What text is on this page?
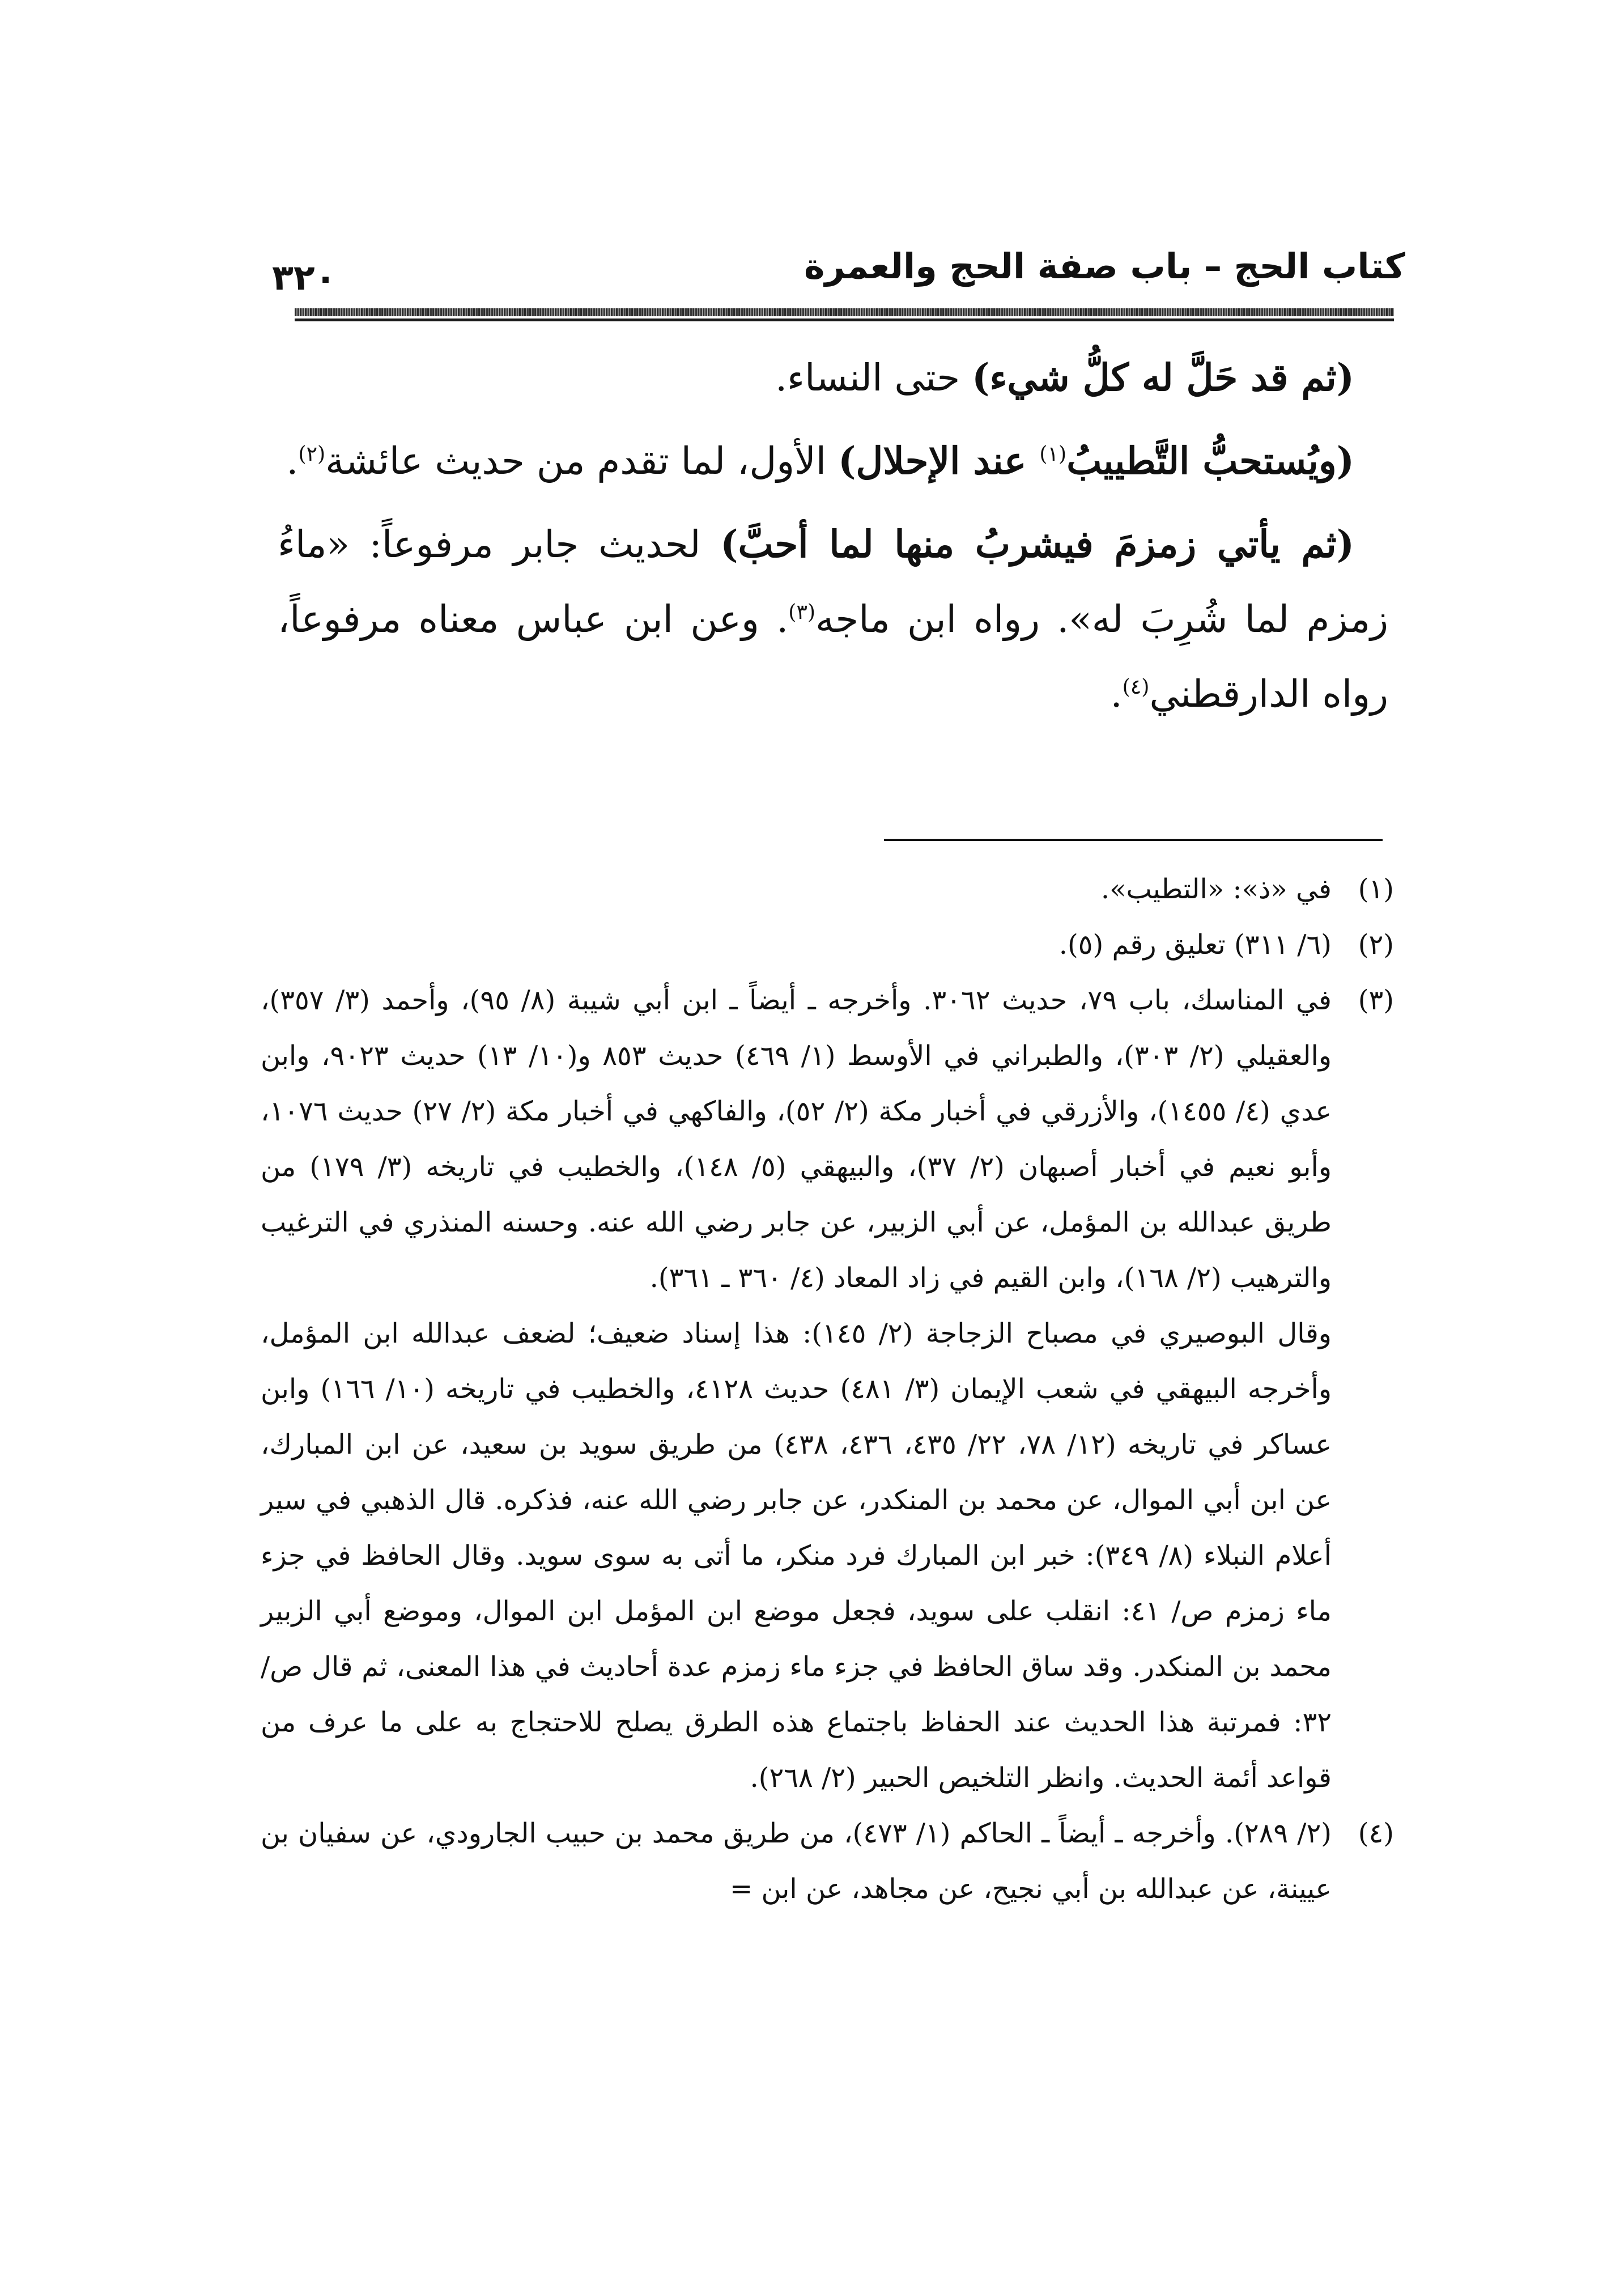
كتاب الحج – باب صفة الحج والعمرة
٣٢٠

(ثم قد حَلَّ له كلُّ شيء) حتى النساء.

(ويُستحبُّ التَّطييبُ$^{(١)}$ عند الإحلال) الأول، لما تقدم من حديث عائشة$^{(٢)}$.

(ثم يأتي زمزمَ فيشربُ منها لما أحبَّ) لحديث جابر مرفوعاً: «ماءُ زمزم لما شُرِبَ له». رواه ابن ماجه$^{(٣)}$. وعن ابن عباس معناه مرفوعاً، رواه الدارقطني$^{(٤)}$.

(١)
في «ذ»: «التطيب».
(٢)
(٦/ ٣١١) تعليق رقم (٥).
(٣)
في المناسك، باب ٧٩، حديث ٣٠٦٢. وأخرجه ـ أيضاً ـ ابن أبي شيبة (٨/ ٩٥)، وأحمد (٣/ ٣٥٧)، والعقيلي (٢/ ٣٠٣)، والطبراني في الأوسط (١/ ٤٦٩) حديث ٨٥٣ و(١٠/ ١٣) حديث ٩٠٢٣، وابن عدي (٤/ ١٤٥٥)، والأزرقي في أخبار مكة (٢/ ٥٢)، والفاكهي في أخبار مكة (٢/ ٢٧) حديث ١٠٧٦، وأبو نعيم في أخبار أصبهان (٢/ ٣٧)، والبيهقي (٥/ ١٤٨)، والخطيب في تاريخه (٣/ ١٧٩) من طريق عبدالله بن المؤمل، عن أبي الزبير، عن جابر رضي الله عنه. وحسنه المنذري في الترغيب والترهيب (٢/ ١٦٨)، وابن القيم في زاد المعاد (٤/ ٣٦٠ ـ ٣٦١).
وقال البوصيري في مصباح الزجاجة (٢/ ١٤٥): هذا إسناد ضعيف؛ لضعف عبدالله ابن المؤمل، وأخرجه البيهقي في شعب الإيمان (٣/ ٤٨١) حديث ٤١٢٨، والخطيب في تاريخه (١٠/ ١٦٦) وابن عساكر في تاريخه (١٢/ ٧٨، ٢٢/ ٤٣٥، ٤٣٦، ٤٣٨) من طريق سويد بن سعيد، عن ابن المبارك، عن ابن أبي الموال، عن محمد بن المنكدر، عن جابر رضي الله عنه، فذكره. قال الذهبي في سير أعلام النبلاء (٨/ ٣٤٩): خبر ابن المبارك فرد منكر، ما أتى به سوى سويد. وقال الحافظ في جزء ماء زمزم ص/ ٤١: انقلب على سويد، فجعل موضع ابن المؤمل ابن الموال، وموضع أبي الزبير محمد بن المنكدر. وقد ساق الحافظ في جزء ماء زمزم عدة أحاديث في هذا المعنى، ثم قال ص/ ٣٢: فمرتبة هذا الحديث عند الحفاظ باجتماع هذه الطرق يصلح للاحتجاج به على ما عرف من قواعد أئمة الحديث. وانظر التلخيص الحبير (٢/ ٢٦٨).
(٤)
(٢/ ٢٨٩). وأخرجه ـ أيضاً ـ الحاكم (١/ ٤٧٣)، من طريق محمد بن حبيب الجارودي، عن سفيان بن عيينة، عن عبدالله بن أبي نجيح، عن مجاهد، عن ابن =
